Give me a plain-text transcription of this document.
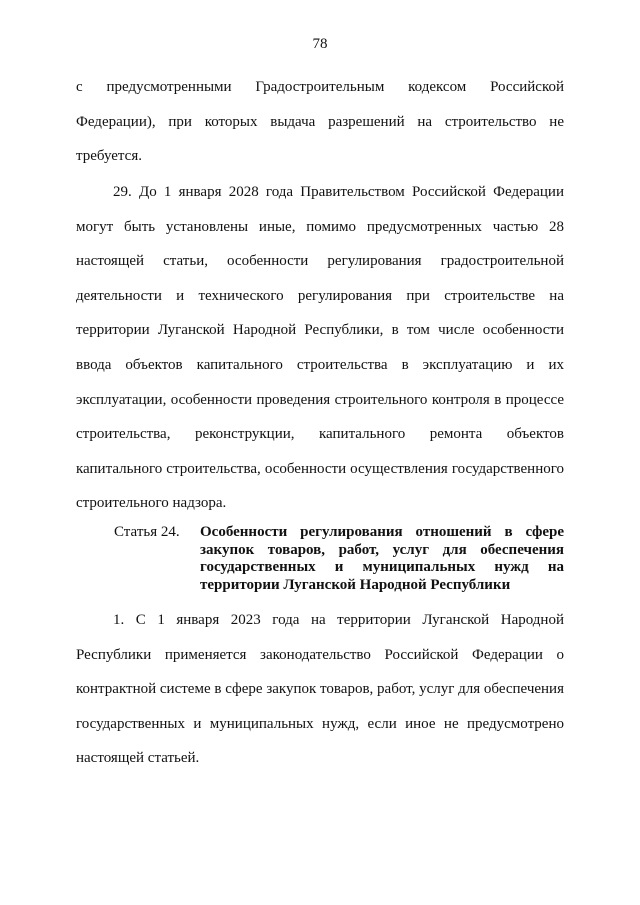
78

с предусмотренными Градостроительным кодексом Российской Федерации), при которых выдача разрешений на строительство не требуется.

29. До 1 января 2028 года Правительством Российской Федерации могут быть установлены иные, помимо предусмотренных частью 28 настоящей статьи, особенности регулирования градостроительной деятельности и технического регулирования при строительстве на территории Луганской Народной Республики, в том числе особенности ввода объектов капитального строительства в эксплуатацию и их эксплуатации, особенности проведения строительного контроля в процессе строительства, реконструкции, капитального ремонта объектов капитального строительства, особенности осуществления государственного строительного надзора.

Статья 24. Особенности регулирования отношений в сфере закупок товаров, работ, услуг для обеспечения государственных и муниципальных нужд на территории Луганской Народной Республики

1. С 1 января 2023 года на территории Луганской Народной Республики применяется законодательство Российской Федерации о контрактной системе в сфере закупок товаров, работ, услуг для обеспечения государственных и муниципальных нужд, если иное не предусмотрено настоящей статьей.
